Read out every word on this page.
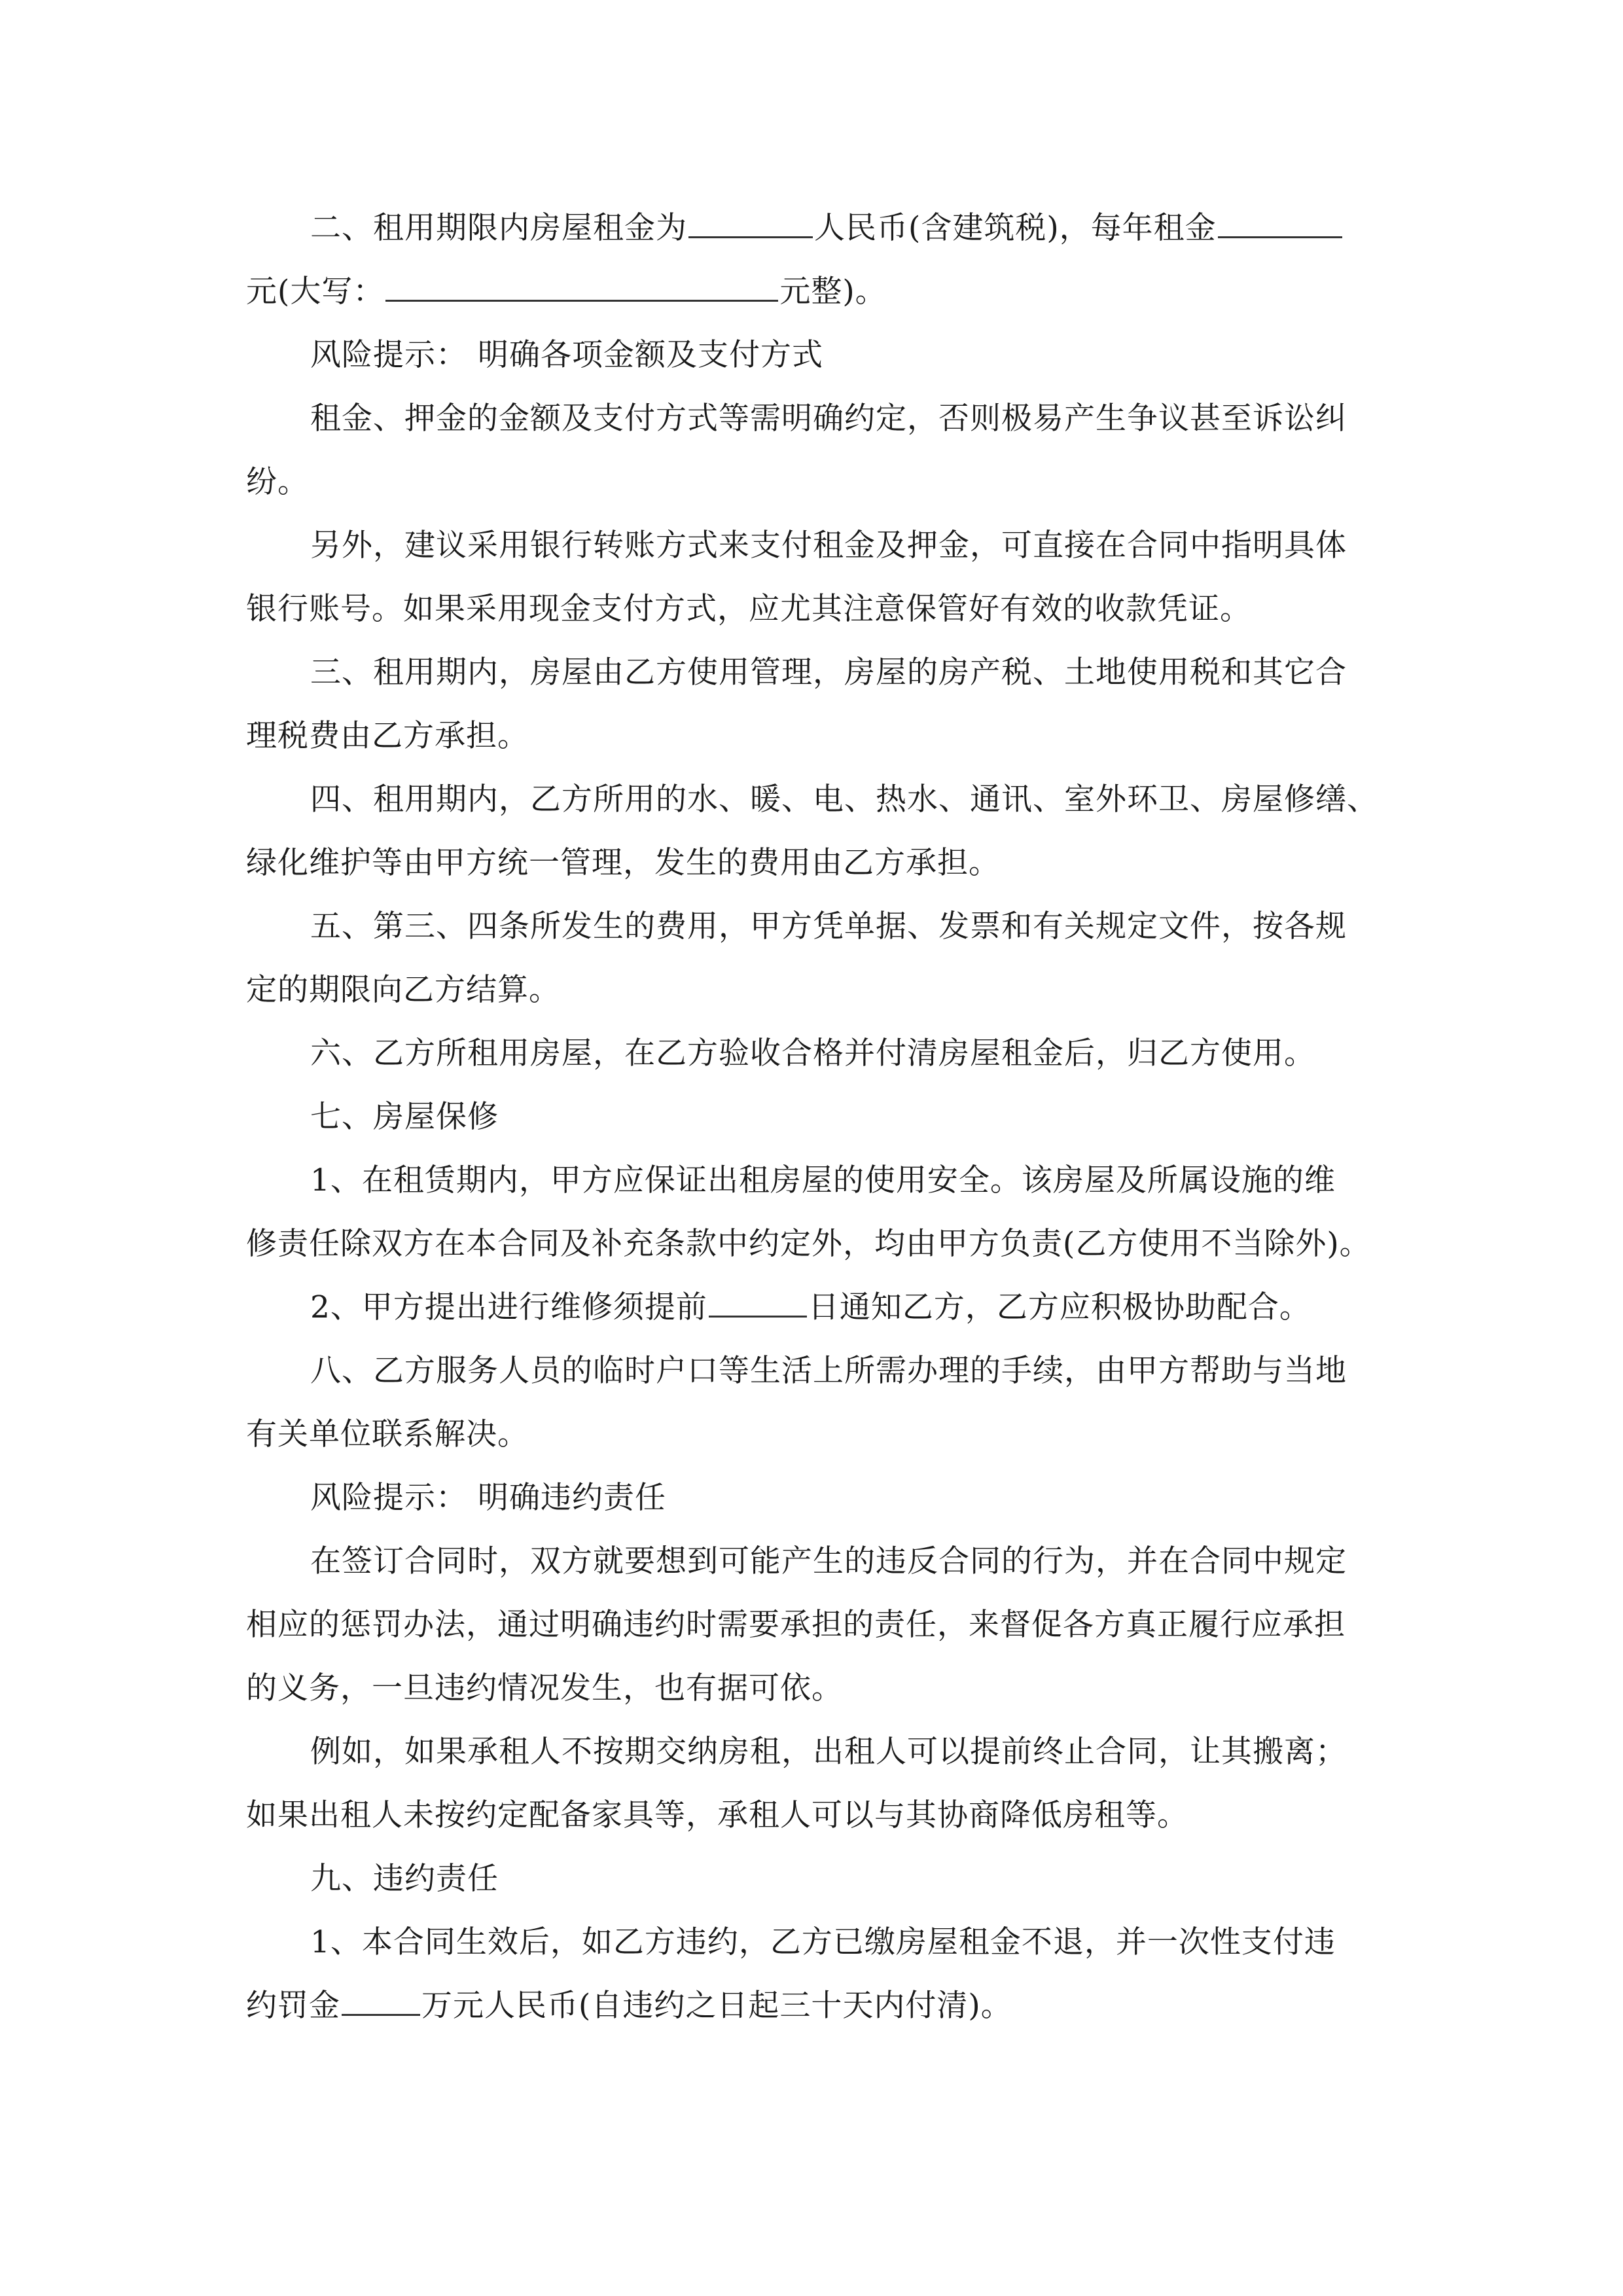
二、租用期限内房屋租金为	人民币(含建筑税)，每年租金
元(大写：	元整)。

风险提示： 明确各项金额及支付方式

租金、押金的金额及支付方式等需明确约定，否则极易产生争议甚至诉讼纠
纷。

另外，建议采用银行转账方式来支付租金及押金，可直接在合同中指明具体
银行账号。如果采用现金支付方式，应尤其注意保管好有效的收款凭证。

三、租用期内，房屋由乙方使用管理，房屋的房产税、土地使用税和其它合
理税费由乙方承担。

四、租用期内，乙方所用的水、暖、电、热水、通讯、室外环卫、房屋修缮、
绿化维护等由甲方统一管理，发生的费用由乙方承担。

五、第三、四条所发生的费用，甲方凭单据、发票和有关规定文件，按各规
定的期限向乙方结算。

六、乙方所租用房屋，在乙方验收合格并付清房屋租金后，归乙方使用。

七、房屋保修

1、在租赁期内，甲方应保证出租房屋的使用安全。该房屋及所属设施的维
修责任除双方在本合同及补充条款中约定外，均由甲方负责(乙方使用不当除外)。

2、甲方提出进行维修须提前	日通知乙方，乙方应积极协助配合。

八、乙方服务人员的临时户口等生活上所需办理的手续，由甲方帮助与当地
有关单位联系解决。

风险提示： 明确违约责任

在签订合同时，双方就要想到可能产生的违反合同的行为，并在合同中规定
相应的惩罚办法，通过明确违约时需要承担的责任，来督促各方真正履行应承担
的义务，一旦违约情况发生，也有据可依。

例如，如果承租人不按期交纳房租，出租人可以提前终止合同，让其搬离；
如果出租人未按约定配备家具等，承租人可以与其协商降低房租等。

九、违约责任

1、本合同生效后，如乙方违约，乙方已缴房屋租金不退，并一次性支付违
约罚金	万元人民币(自违约之日起三十天内付清)。
